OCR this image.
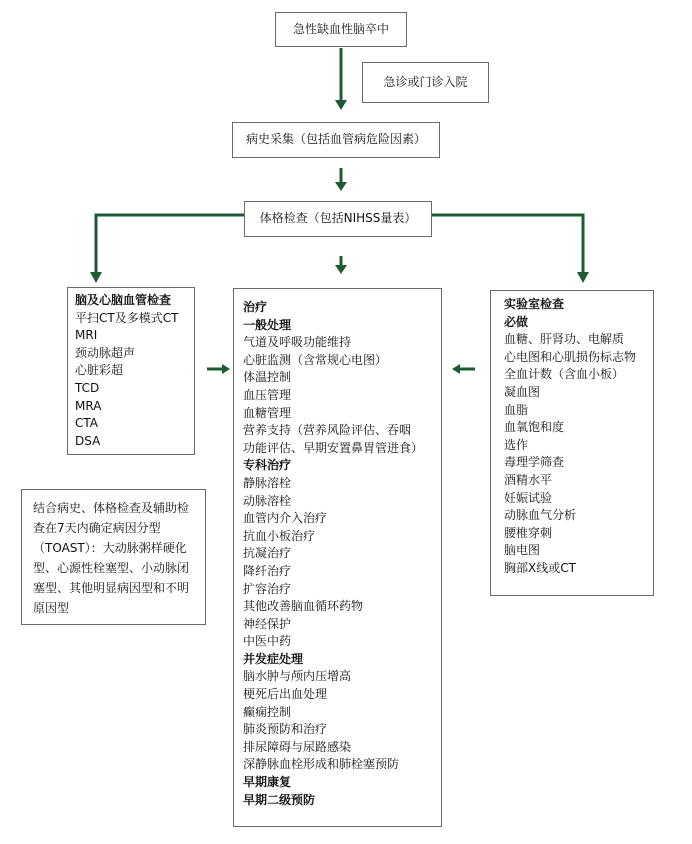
急性缺血性脑卒中
急诊或门诊入院
病史采集（包括血管病危险因素）
体格检查（包括NIHSS量表）
脑及心脑血管检查
平扫CT及多模式CT
MRI
颈动脉超声
心脏彩超
TCD
MRA
CTA
DSA
结合病史、体格检查及辅助检查在7天内确定病因分型（TOAST）：大动脉粥样硬化型、心源性栓塞型、小动脉闭塞型、其他明显病因型和不明原因型
治疗
一般处理
气道及呼吸功能维持
心脏监测（含常规心电图）
体温控制
血压管理
血糖管理
营养支持（营养风险评估、吞咽
功能评估、早期安置鼻胃管进食）
专科治疗
静脉溶栓
动脉溶栓
血管内介入治疗
抗血小板治疗
抗凝治疗
降纤治疗
扩容治疗
其他改善脑血循环药物
神经保护
中医中药
并发症处理
脑水肿与颅内压增高
梗死后出血处理
癫痫控制
肺炎预防和治疗
排尿障碍与尿路感染
深静脉血栓形成和肺栓塞预防
早期康复
早期二级预防
实验室检查
必做
血糖、肝肾功、电解质
心电图和心肌损伤标志物
全血计数（含血小板）
凝血图
血脂
血氧饱和度
选作
毒理学筛查
酒精水平
妊娠试验
动脉血气分析
腰椎穿刺
脑电图
胸部X线或CT
